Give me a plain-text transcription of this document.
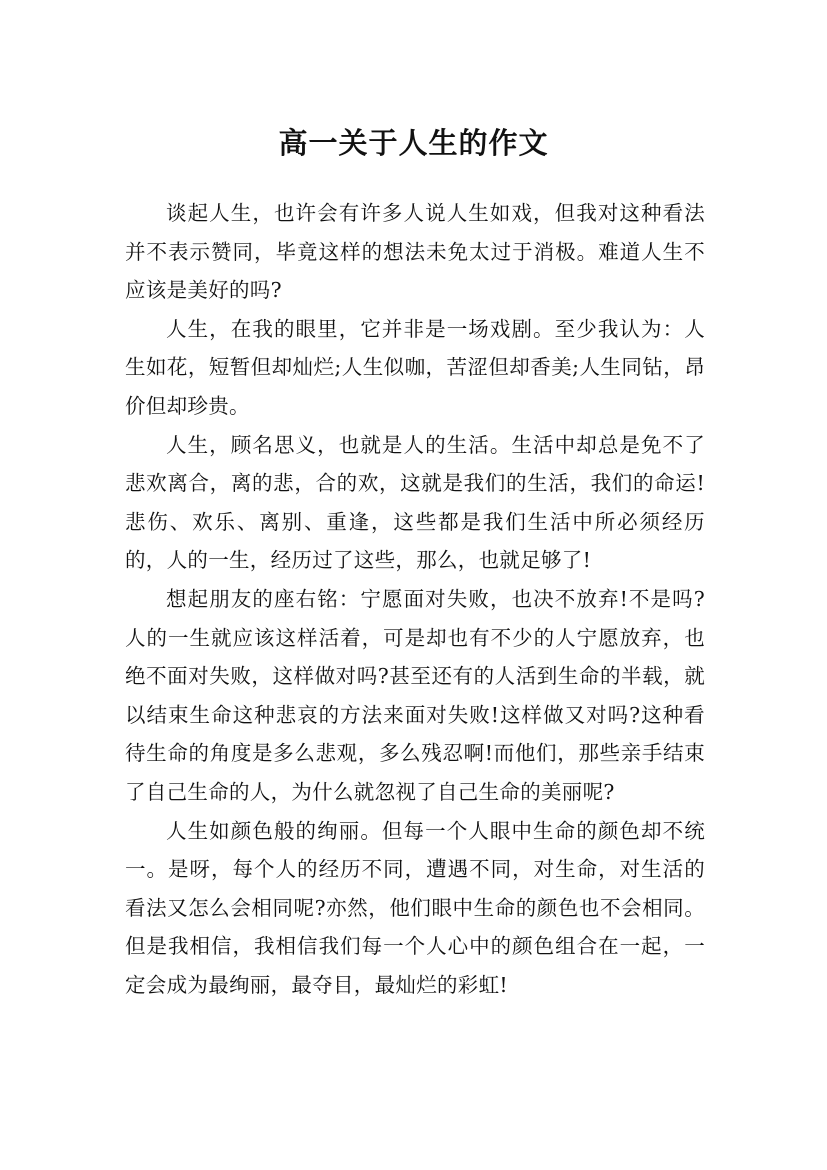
高一关于人生的作文

谈起人生，也许会有许多人说人生如戏，但我对这种看法并不表示赞同，毕竟这样的想法未免太过于消极。难道人生不应该是美好的吗?

人生，在我的眼里，它并非是一场戏剧。至少我认为：人生如花，短暂但却灿烂;人生似咖，苦涩但却香美;人生同钻，昂价但却珍贵。

人生，顾名思义，也就是人的生活。生活中却总是免不了悲欢离合，离的悲，合的欢，这就是我们的生活，我们的命运!悲伤、欢乐、离别、重逢，这些都是我们生活中所必须经历的，人的一生，经历过了这些，那么，也就足够了!

想起朋友的座右铭：宁愿面对失败，也决不放弃!不是吗?人的一生就应该这样活着，可是却也有不少的人宁愿放弃，也绝不面对失败，这样做对吗?甚至还有的人活到生命的半载，就以结束生命这种悲哀的方法来面对失败!这样做又对吗?这种看待生命的角度是多么悲观，多么残忍啊!而他们，那些亲手结束了自己生命的人，为什么就忽视了自己生命的美丽呢?

人生如颜色般的绚丽。但每一个人眼中生命的颜色却不统一。是呀，每个人的经历不同，遭遇不同，对生命，对生活的看法又怎么会相同呢?亦然，他们眼中生命的颜色也不会相同。但是我相信，我相信我们每一个人心中的颜色组合在一起，一定会成为最绚丽，最夺目，最灿烂的彩虹!
